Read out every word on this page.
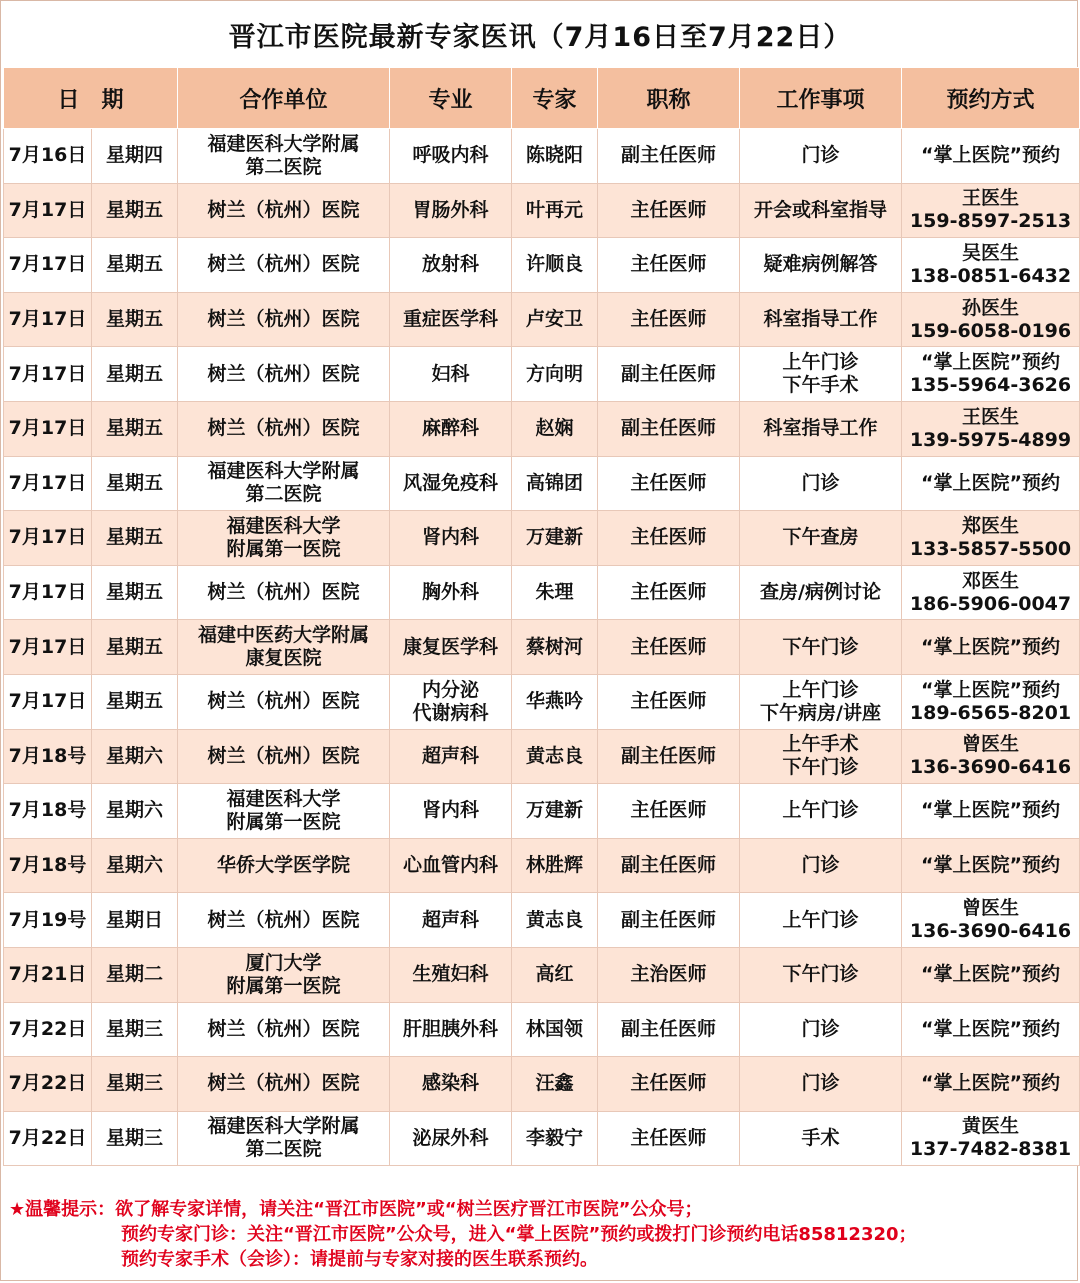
晋江市医院最新专家医讯（7月16日至7月22日）
日　期		合作单位	专业	专家	职称	工作事项	预约方式
7月16日	星期四	福建医科大学附属
第二医院	呼吸内科	陈晓阳	副主任医师	门诊	“掌上医院”预约

7月17日	星期五	树兰（杭州）医院	胃肠外科	叶再元	主任医师	开会或科室指导	王医生
159-8597-2513

7月17日	星期五	树兰（杭州）医院	放射科	许顺良	主任医师	疑难病例解答	吴医生
138-0851-6432

7月17日	星期五	树兰（杭州）医院	重症医学科	卢安卫	主任医师	科室指导工作	孙医生
159-6058-0196

7月17日	星期五	树兰（杭州）医院	妇科	方向明	副主任医师	上午门诊
下午手术	“掌上医院”预约
135-5964-3626

7月17日	星期五	树兰（杭州）医院	麻醉科	赵娴	副主任医师	科室指导工作	王医生
139-5975-4899

7月17日	星期五	福建医科大学附属
第二医院	风湿免疫科	高锦团	主任医师	门诊	“掌上医院”预约

7月17日	星期五	福建医科大学
附属第一医院	肾内科	万建新	主任医师	下午查房	郑医生
133-5857-5500

7月17日	星期五	树兰（杭州）医院	胸外科	朱理	主任医师	查房/病例讨论	邓医生
186-5906-0047

7月17日	星期五	福建中医药大学附属
康复医院	康复医学科	蔡树河	主任医师	下午门诊	“掌上医院”预约

7月17日	星期五	树兰（杭州）医院	内分泌
代谢病科	华燕吟	主任医师	上午门诊
下午病房/讲座	“掌上医院”预约
189-6565-8201

7月18号	星期六	树兰（杭州）医院	超声科	黄志良	副主任医师	上午手术
下午门诊	曾医生
136-3690-6416

7月18号	星期六	福建医科大学
附属第一医院	肾内科	万建新	主任医师	上午门诊	“掌上医院”预约

7月18号	星期六	华侨大学医学院	心血管内科	林胜辉	副主任医师	门诊	“掌上医院”预约

7月19号	星期日	树兰（杭州）医院	超声科	黄志良	副主任医师	上午门诊	曾医生
136-3690-6416

7月21日	星期二	厦门大学
附属第一医院	生殖妇科	高红	主治医师	下午门诊	“掌上医院”预约

7月22日	星期三	树兰（杭州）医院	肝胆胰外科	林国领	副主任医师	门诊	“掌上医院”预约

7月22日	星期三	树兰（杭州）医院	感染科	汪鑫	主任医师	门诊	“掌上医院”预约

7月22日	星期三	福建医科大学附属
第二医院	泌尿外科	李毅宁	主任医师	手术	黄医生
137-7482-8381
★温馨提示：欲了解专家详情，请关注“晋江市医院”或“树兰医疗晋江市医院”公众号；
预约专家门诊：关注“晋江市医院”公众号，进入“掌上医院”预约或拨打门诊预约电话85812320；
预约专家手术（会诊）：请提前与专家对接的医生联系预约。
